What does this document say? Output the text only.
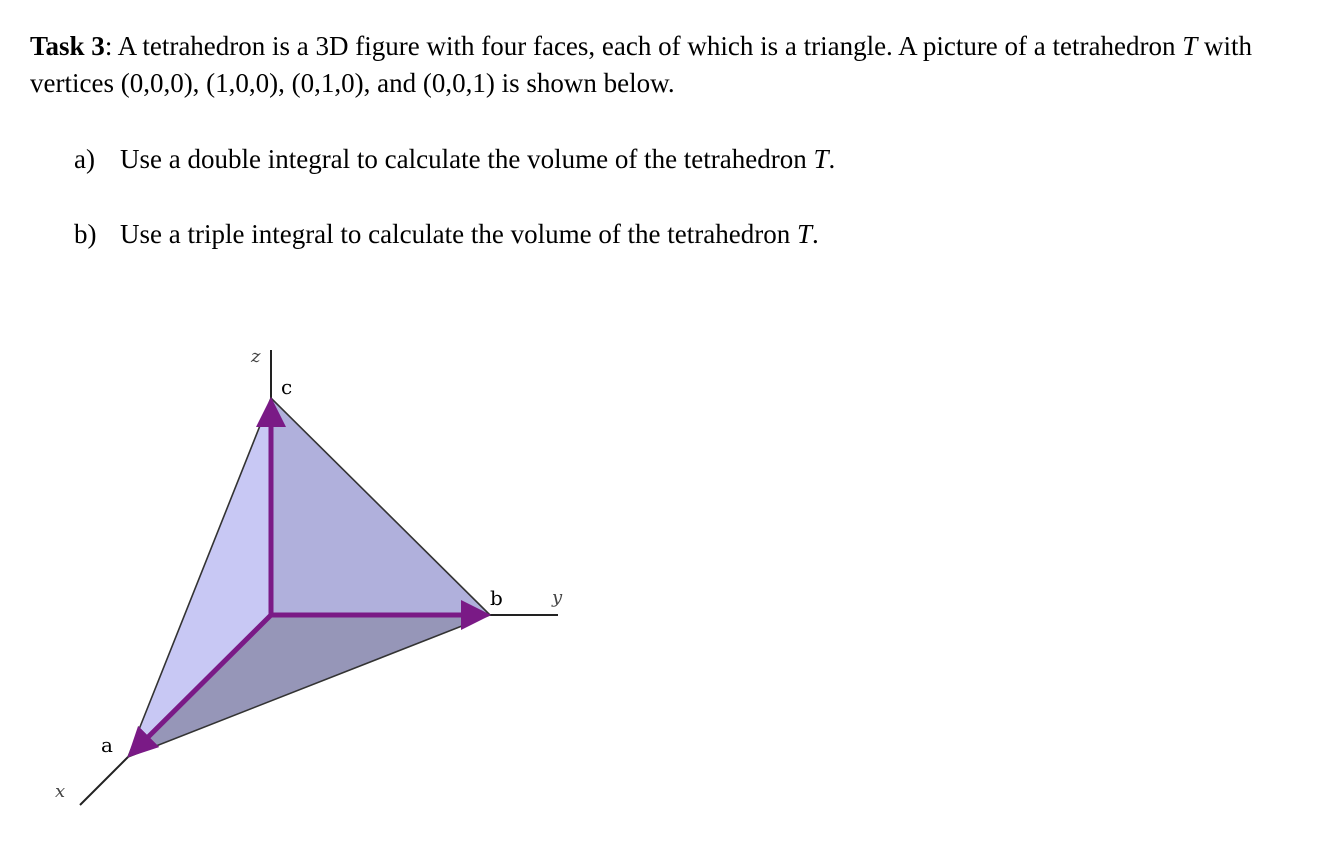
Task 3: A tetrahedron is a 3D figure with four faces, each of which is a triangle. A picture of a tetrahedron T with vertices (0,0,0), (1,0,0), (0,1,0), and (0,0,1) is shown below.
a) Use a double integral to calculate the volume of the tetrahedron T.
b) Use a triple integral to calculate the volume of the tetrahedron T.
c
b
a
z
y
x
